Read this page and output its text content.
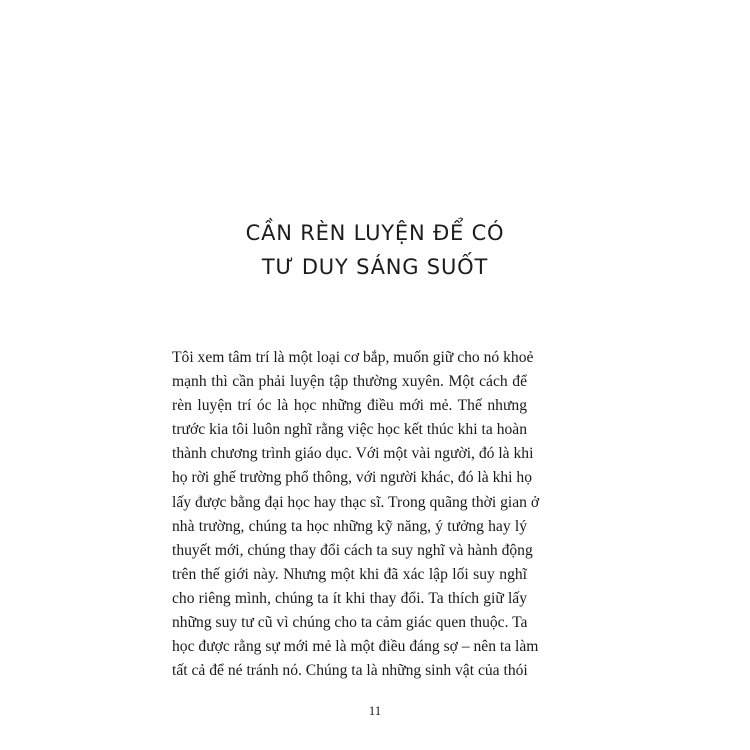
CẦN RÈN LUYỆN ĐỂ CÓ
TƯ DUY SÁNG SUỐT
Tôi xem tâm trí là một loại cơ bắp, muốn giữ cho nó khoẻ
mạnh thì cần phải luyện tập thường xuyên. Một cách để
rèn luyện trí óc là học những điều mới mẻ. Thế nhưng
trước kia tôi luôn nghĩ rằng việc học kết thúc khi ta hoàn
thành chương trình giáo dục. Với một vài người, đó là khi
họ rời ghế trường phổ thông, với người khác, đó là khi họ
lấy được bằng đại học hay thạc sĩ. Trong quãng thời gian ở
nhà trường, chúng ta học những kỹ năng, ý tưởng hay lý
thuyết mới, chúng thay đổi cách ta suy nghĩ và hành động
trên thế giới này. Nhưng một khi đã xác lập lối suy nghĩ
cho riêng mình, chúng ta ít khi thay đổi. Ta thích giữ lấy
những suy tư cũ vì chúng cho ta cảm giác quen thuộc. Ta
học được rằng sự mới mẻ là một điều đáng sợ – nên ta làm
tất cả để né tránh nó. Chúng ta là những sinh vật của thói
11
